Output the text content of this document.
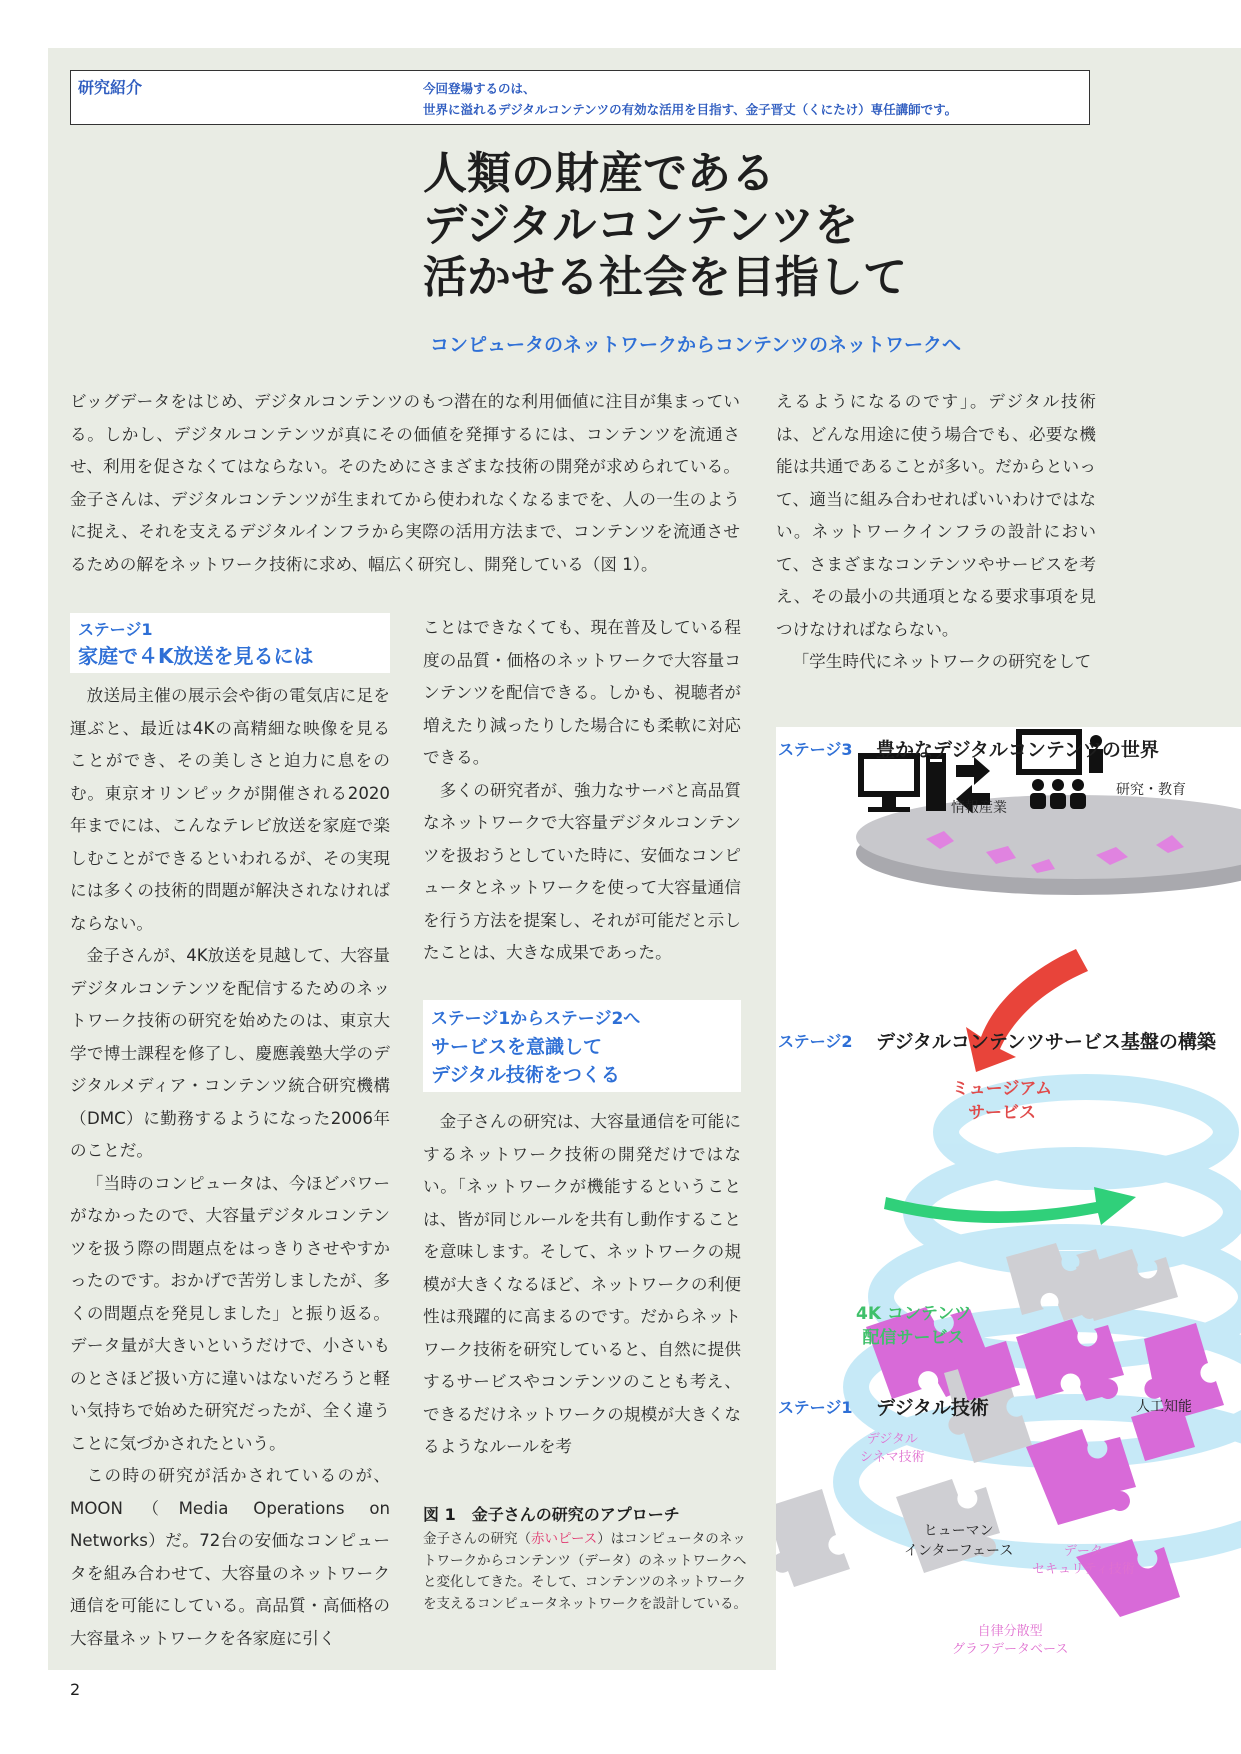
研究紹介	今回登場するのは、
世界に溢れるデジタルコンテンツの有効な活用を目指す、金子晋丈（くにたけ）専任講師です。
人類の財産である
デジタルコンテンツを
活かせる社会を目指して
コンピュータのネットワークからコンテンツのネットワークへ
ビッグデータをはじめ、デジタルコンテンツのもつ潜在的な利用価値に注目が集まっている。しかし、デジタルコンテンツが真にその価値を発揮するには、コンテンツを流通させ、利用を促さなくてはならない。そのためにさまざまな技術の開発が求められている。金子さんは、デジタルコンテンツが生まれてから使われなくなるまでを、人の一生のように捉え、それを支えるデジタルインフラから実際の活用方法まで、コンテンツを流通させるための解をネットワーク技術に求め、幅広く研究し、開発している（図 1）。
ステージ1
家庭で４K放送を見るには

放送局主催の展示会や街の電気店に足を運ぶと、最近は4Kの高精細な映像を見ることができ、その美しさと迫力に息をのむ。東京オリンピックが開催される2020年までには、こんなテレビ放送を家庭で楽しむことができるといわれるが、その実現には多くの技術的問題が解決されなければならない。

金子さんが、4K放送を見越して、大容量デジタルコンテンツを配信するためのネットワーク技術の研究を始めたのは、東京大学で博士課程を修了し、慶應義塾大学のデジタルメディア・コンテンツ統合研究機構（DMC）に勤務するようになった2006年のことだ。

「当時のコンピュータは、今ほどパワーがなかったので、大容量デジタルコンテンツを扱う際の問題点をはっきりさせやすかったのです。おかげで苦労しましたが、多くの問題点を発見しました」と振り返る。データ量が大きいというだけで、小さいものとさほど扱い方に違いはないだろうと軽い気持ちで始めた研究だったが、全く違うことに気づかされたという。

この時の研究が活かされているのが、MOON（Media Operations on Networks）だ。72台の安価なコンピュータを組み合わせて、大容量のネットワーク通信を可能にしている。高品質・高価格の大容量ネットワークを各家庭に引く

ことはできなくても、現在普及している程度の品質・価格のネットワークで大容量コンテンツを配信できる。しかも、視聴者が増えたり減ったりした場合にも柔軟に対応できる。

多くの研究者が、強力なサーバと高品質なネットワークで大容量デジタルコンテンツを扱おうとしていた時に、安価なコンピュータとネットワークを使って大容量通信を行う方法を提案し、それが可能だと示したことは、大きな成果であった。

ステージ1からステージ2へ
サービスを意識して
デジタル技術をつくる

金子さんの研究は、大容量通信を可能にするネットワーク技術の開発だけではない。「ネットワークが機能するということは、皆が同じルールを共有し動作することを意味します。そして、ネットワークの規模が大きくなるほど、ネットワークの利便性は飛躍的に高まるのです。だからネットワーク技術を研究していると、自然に提供するサービスやコンテンツのことも考え、できるだけネットワークの規模が大きくなるようなルールを考

えるようになるのです」。デジタル技術は、どんな用途に使う場合でも、必要な機能は共通であることが多い。だからといって、適当に組み合わせればいいわけではない。ネットワークインフラの設計において、さまざまなコンテンツやサービスを考え、その最小の共通項となる要求事項を見つけなければならない。

「学生時代にネットワークの研究をして

図 1　金子さんの研究のアプローチ
金子さんの研究（赤いピース）はコンピュータのネットワークからコンテンツ（データ）のネットワークへと変化してきた。そして、コンテンツのネットワークを支えるコンピュータネットワークを設計している。
ステージ3 豊かなデジタルコンテンツの世界
情報産業
研究・教育
ステージ2 デジタルコンテンツサービス基盤の構築
ミュージアム
サービス
4K コンテンツ
配信サービス
ステージ1 デジタル技術	人工知能
デジタル
シネマ技術
ヒューマン
インターフェース	データ
セキュリティ技術
自律分散型
グラフデータベース
2
